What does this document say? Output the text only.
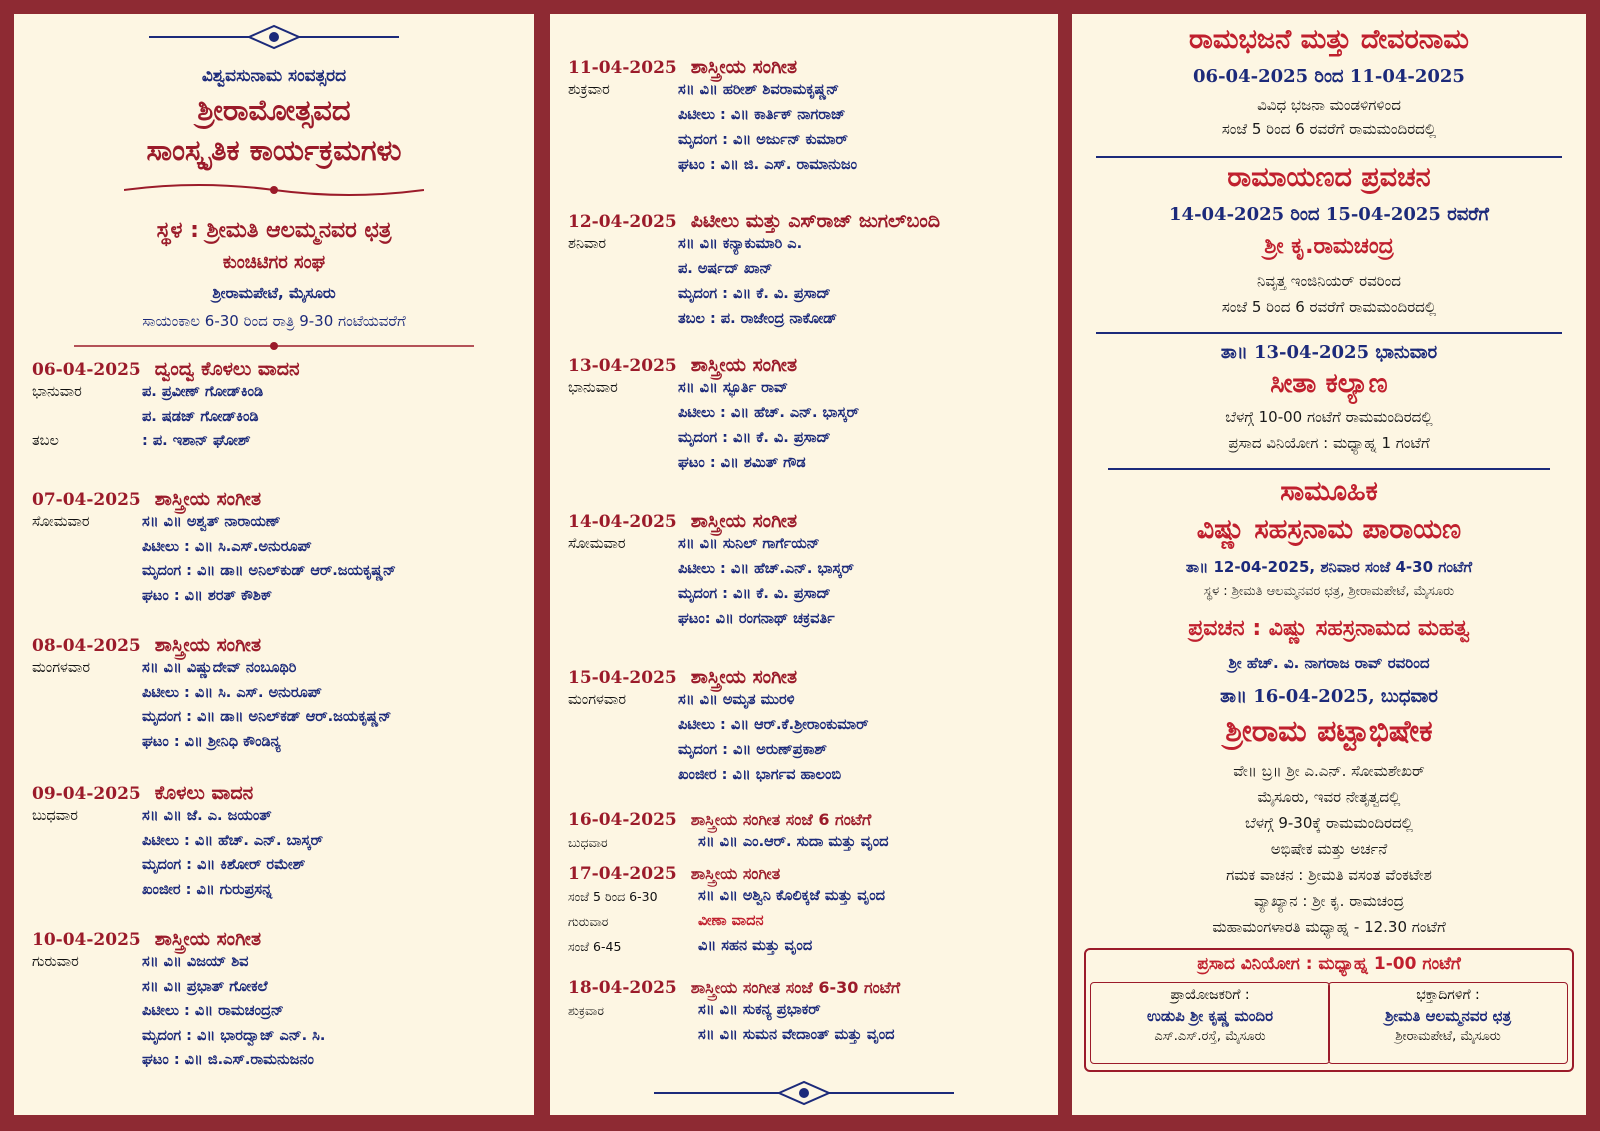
ವಿಶ್ವವಸುನಾಮ ಸಂವತ್ಸರದ
ಶ್ರೀರಾಮೋತ್ಸವದ
ಸಾಂಸ್ಕೃತಿಕ ಕಾರ್ಯಕ್ರಮಗಳು
ಸ್ಥಳ : ಶ್ರೀಮತಿ ಆಲಮ್ಮನವರ ಛತ್ರ
ಕುಂಚಿಟಿಗರ ಸಂಘ
ಶ್ರೀರಾಮಪೇಟೆ, ಮೈಸೂರು
ಸಾಯಂಕಾಲ 6-30 ರಿಂದ ರಾತ್ರಿ 9-30 ಗಂಟೆಯವರೆಗೆ
06-04-2025 ದ್ವಂದ್ವ ಕೊಳಲು ವಾದನ
ಭಾನುವಾರ	ಪ. ಪ್ರವೀಣ್ ಗೋಡ್‌ಕಿಂಡಿ
ಪ. ಷಡಜ್ ಗೋಡ್‌ಕಿಂಡಿ
ತಬಲ	: ಪ. ಇಶಾನ್ ಘೋಶ್
07-04-2025 ಶಾಸ್ತ್ರೀಯ ಸಂಗೀತ
ಸೋಮವಾರ	ಸ॥ ವಿ॥ ಅಶ್ವತ್ ನಾರಾಯಣ್
ಪಿಟೀಲು : ವಿ॥ ಸಿ.ಎಸ್.ಅನುರೂಪ್
ಮೃದಂಗ : ವಿ॥ ಡಾ॥ ಅನಿಲ್‌ಕುಡ್ ಆರ್.ಜಯಕೃಷ್ಣನ್
ಘಟಂ : ವಿ॥ ಶರತ್ ಕೌಶಿಕ್
08-04-2025 ಶಾಸ್ತ್ರೀಯ ಸಂಗೀತ
ಮಂಗಳವಾರ	ಸ॥ ವಿ॥ ವಿಷ್ಣುದೇವ್ ನಂಬೂಥಿರಿ
ಪಿಟೀಲು : ವಿ॥ ಸಿ. ಎಸ್. ಅನುರೂಪ್
ಮೃದಂಗ : ವಿ॥ ಡಾ॥ ಅನಿಲ್‌ಕಡ್ ಆರ್.ಜಯಕೃಷ್ಣನ್
ಘಟಂ : ವಿ॥ ಶ್ರೀನಿಧಿ ಕೌಂಡಿನ್ಯ
09-04-2025 ಕೊಳಲು ವಾದನ
ಬುಧವಾರ	ಸ॥ ವಿ॥ ಜೆ. ಎ. ಜಯಂತ್
ಪಿಟೀಲು : ವಿ॥ ಹೆಚ್. ಎನ್. ಬಾಸ್ಕರ್
ಮೃದಂಗ : ವಿ॥ ಕಿಶೋರ್ ರಮೇಶ್
ಖಂಜೀರ : ವಿ॥ ಗುರುಪ್ರಸನ್ನ
10-04-2025 ಶಾಸ್ತ್ರೀಯ ಸಂಗೀತ
ಗುರುವಾರ	ಸ॥ ವಿ॥ ವಿಜಯ್ ಶಿವ
ಸ॥ ವಿ॥ ಪ್ರಭಾತ್ ಗೋಕಲೆ
ಪಿಟೀಲು : ವಿ॥ ರಾಮಚಂದ್ರನ್
ಮೃದಂಗ : ವಿ॥ ಭಾರದ್ವಾಜ್ ಎನ್. ಸಿ.
ಘಟಂ : ವಿ॥ ಜಿ.ಎಸ್.ರಾಮನುಜನಂ
11-04-2025 ಶಾಸ್ತ್ರೀಯ ಸಂಗೀತ
ಶುಕ್ರವಾರ	ಸ॥ ವಿ॥ ಹರೀಶ್ ಶಿವರಾಮಕೃಷ್ಣನ್
ಪಿಟೀಲು : ವಿ॥ ಕಾರ್ತಿಕ್ ನಾಗರಾಜ್
ಮೃದಂಗ : ವಿ॥ ಅರ್ಜುನ್ ಕುಮಾರ್
ಘಟಂ : ವಿ॥ ಜಿ. ಎಸ್. ರಾಮಾನುಜಂ
12-04-2025 ಪಿಟೀಲು ಮತ್ತು ಎಸ್‌ರಾಜ್ ಜುಗಲ್‌ಬಂದಿ
ಶನಿವಾರ	ಸ॥ ವಿ॥ ಕನ್ಯಾಕುಮಾರಿ ಎ.
ಪ. ಅರ್ಷದ್ ಖಾನ್
ಮೃದಂಗ : ವಿ॥ ಕೆ. ವಿ. ಪ್ರಸಾದ್
ತಬಲ : ಪ. ರಾಜೇಂದ್ರ ನಾಕೋಡ್
13-04-2025 ಶಾಸ್ತ್ರೀಯ ಸಂಗೀತ
ಭಾನುವಾರ	ಸ॥ ವಿ॥ ಸ್ಫೂರ್ತಿ ರಾವ್
ಪಿಟೀಲು : ವಿ॥ ಹೆಚ್. ಎನ್. ಭಾಸ್ಕರ್
ಮೃದಂಗ : ವಿ॥ ಕೆ. ವಿ. ಪ್ರಸಾದ್
ಘಟಂ : ವಿ॥ ಶಮಿತ್ ಗೌಡ
14-04-2025 ಶಾಸ್ತ್ರೀಯ ಸಂಗೀತ
ಸೋಮವಾರ	ಸ॥ ವಿ॥ ಸುನಿಲ್ ಗಾರ್ಗೆಯನ್
ಪಿಟೀಲು : ವಿ॥ ಹೆಚ್.ಎನ್. ಭಾಸ್ಕರ್
ಮೃದಂಗ : ವಿ॥ ಕೆ. ವಿ. ಪ್ರಸಾದ್
ಘಟಂ: ವಿ॥ ರಂಗನಾಥ್ ಚಕ್ರವರ್ತಿ
15-04-2025 ಶಾಸ್ತ್ರೀಯ ಸಂಗೀತ
ಮಂಗಳವಾರ	ಸ॥ ವಿ॥ ಅಮೃತ ಮುರಳಿ
ಪಿಟೀಲು : ವಿ॥ ಆರ್.ಕೆ.ಶ್ರೀರಾಂಕುಮಾರ್
ಮೃದಂಗ : ವಿ॥ ಅರುಣ್‌ಪ್ರಕಾಶ್
ಖಂಜೀರ : ವಿ॥ ಭಾರ್ಗವ ಹಾಲಂಬಿ
16-04-2025 ಶಾಸ್ತ್ರೀಯ ಸಂಗೀತ ಸಂಜೆ 6 ಗಂಟೆಗೆ
ಬುಧವಾರ	ಸ॥ ವಿ॥ ಎಂ.ಆರ್. ಸುದಾ ಮತ್ತು ವೃಂದ
17-04-2025 ಶಾಸ್ತ್ರೀಯ ಸಂಗೀತ
ಸಂಜೆ 5 ರಿಂದ 6-30	ಸ॥ ವಿ॥ ಅಶ್ವಿನಿ ಕೊಲಿಕ್ಕಜೆ ಮತ್ತು ವೃಂದ
ಗುರುವಾರ	ವೀಣಾ ವಾದನ
ಸಂಜೆ 6-45	ವಿ॥ ಸಹನ ಮತ್ತು ವೃಂದ
18-04-2025 ಶಾಸ್ತ್ರೀಯ ಸಂಗೀತ ಸಂಜೆ 6-30 ಗಂಟೆಗೆ
ಶುಕ್ರವಾರ	ಸ॥ ವಿ॥ ಸುಕನ್ಯ ಪ್ರಭಾಕರ್
ಸ॥ ವಿ॥ ಸುಮನ ವೇದಾಂತ್ ಮತ್ತು ವೃಂದ
ರಾಮಭಜನೆ ಮತ್ತು ದೇವರನಾಮ
06-04-2025 ರಿಂದ 11-04-2025
ವಿವಿಧ ಭಜನಾ ಮಂಡಳಿಗಳಿಂದ
ಸಂಜೆ 5 ರಿಂದ 6 ರವರೆಗೆ ರಾಮಮಂದಿರದಲ್ಲಿ
ರಾಮಾಯಣದ ಪ್ರವಚನ
14-04-2025 ರಿಂದ 15-04-2025 ರವರೆಗೆ
ಶ್ರೀ ಕೃ.ರಾಮಚಂದ್ರ
ನಿವೃತ್ತ ಇಂಜಿನಿಯರ್ ರವರಿಂದ
ಸಂಜೆ 5 ರಿಂದ 6 ರವರೆಗೆ ರಾಮಮಂದಿರದಲ್ಲಿ
ತಾ॥ 13-04-2025 ಭಾನುವಾರ
ಸೀತಾ ಕಲ್ಯಾಣ
ಬೆಳಗ್ಗೆ 10-00 ಗಂಟೆಗೆ ರಾಮಮಂದಿರದಲ್ಲಿ
ಪ್ರಸಾದ ವಿನಿಯೋಗ : ಮಧ್ಯಾಹ್ನ 1 ಗಂಟೆಗೆ
ಸಾಮೂಹಿಕ
ವಿಷ್ಣು ಸಹಸ್ರನಾಮ ಪಾರಾಯಣ
ತಾ॥ 12-04-2025, ಶನಿವಾರ ಸಂಜೆ 4-30 ಗಂಟೆಗೆ
ಸ್ಥಳ : ಶ್ರೀಮತಿ ಆಲಮ್ಮನವರ ಛತ್ರ, ಶ್ರೀರಾಮಪೇಟೆ, ಮೈಸೂರು
ಪ್ರವಚನ : ವಿಷ್ಣು ಸಹಸ್ರನಾಮದ ಮಹತ್ವ
ಶ್ರೀ ಹೆಚ್. ವಿ. ನಾಗರಾಜ ರಾವ್ ರವರಿಂದ
ತಾ॥ 16-04-2025, ಬುಧವಾರ
ಶ್ರೀರಾಮ ಪಟ್ಟಾಭಿಷೇಕ
ವೇ॥ ಬ್ರ॥ ಶ್ರೀ ಎ.ಎನ್. ಸೋಮಶೇಖರ್
ಮೈಸೂರು, ಇವರ ನೇತೃತ್ವದಲ್ಲಿ
ಬೆಳಗ್ಗೆ 9-30ಕ್ಕೆ ರಾಮಮಂದಿರದಲ್ಲಿ
ಅಭಿಷೇಕ ಮತ್ತು ಅರ್ಚನೆ
ಗಮಕ ವಾಚನ : ಶ್ರೀಮತಿ ವಸಂತ ವೆಂಕಟೇಶ
ವ್ಯಾಖ್ಯಾನ : ಶ್ರೀ ಕೃ. ರಾಮಚಂದ್ರ
ಮಹಾಮಂಗಳಾರತಿ ಮಧ್ಯಾಹ್ನ - 12.30 ಗಂಟೆಗೆ
ಪ್ರಸಾದ ವಿನಿಯೋಗ : ಮಧ್ಯಾಹ್ನ 1-00 ಗಂಟೆಗೆ
ಪ್ರಾಯೋಜಕರಿಗೆ :
ಉಡುಪಿ ಶ್ರೀ ಕೃಷ್ಣ ಮಂದಿರ
ಎಸ್.ಎಸ್.ರಸ್ತೆ, ಮೈಸೂರು
ಭಕ್ತಾದಿಗಳಿಗೆ :
ಶ್ರೀಮತಿ ಆಲಮ್ಮನವರ ಛತ್ರ
ಶ್ರೀರಾಮಪೇಟೆ, ಮೈಸೂರು
